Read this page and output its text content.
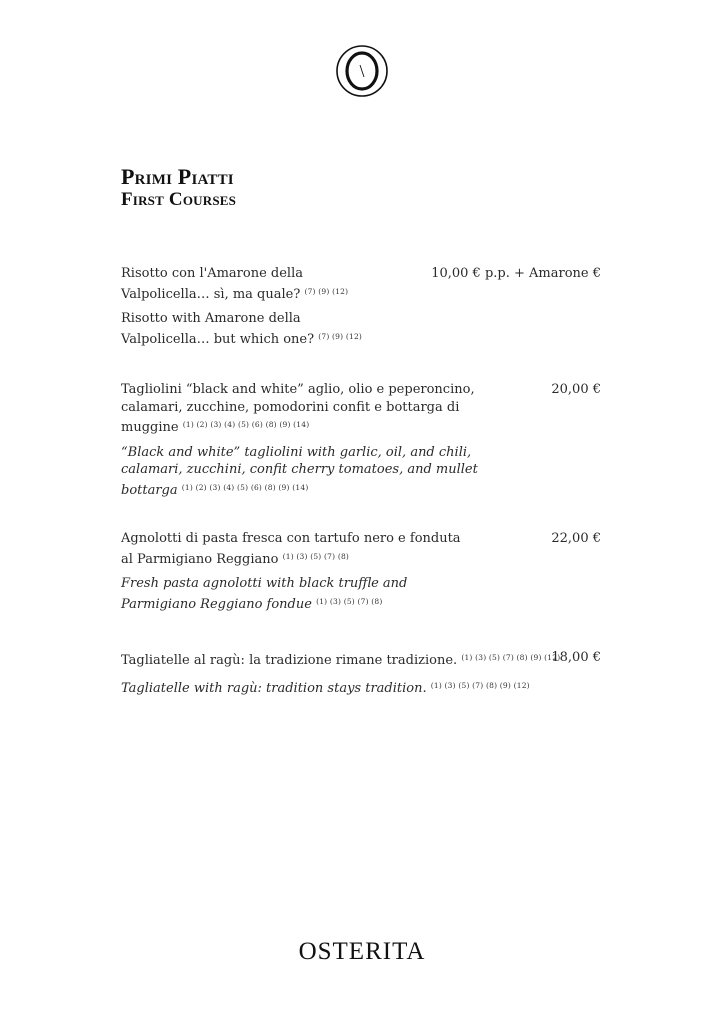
Primi Piatti
First Courses
Risotto con l'Amarone della Valpolicella… sì, ma quale? $^{(7) (9) (12)}$
10,00 € p.p. + Amarone €
Risotto with Amarone della Valpolicella… but which one? $^{(7) (9) (12)}$
Tagliolini “black and white” aglio, olio e peperoncino, calamari, zucchine, pomodorini confit e bottarga di muggine $^{(1) (2) (3) (4) (5) (6) (8) (9) (14)}$
20,00 €
“Black and white” tagliolini with garlic, oil, and chili, calamari, zucchini, confit cherry tomatoes, and mullet bottarga $^{(1) (2) (3) (4) (5) (6) (8) (9) (14)}$
Agnolotti di pasta fresca con tartufo nero e fonduta al Parmigiano Reggiano $^{(1) (3) (5) (7) (8)}$
22,00 €
Fresh pasta agnolotti with black truffle and Parmigiano Reggiano fondue $^{(1) (3) (5) (7) (8)}$
Tagliatelle al ragù: la tradizione rimane tradizione. $^{(1) (3) (5) (7) (8) (9) (12)}$
18,00 €
Tagliatelle with ragù: tradition stays tradition. $^{(1) (3) (5) (7) (8) (9) (12)}$
OSTERITA
